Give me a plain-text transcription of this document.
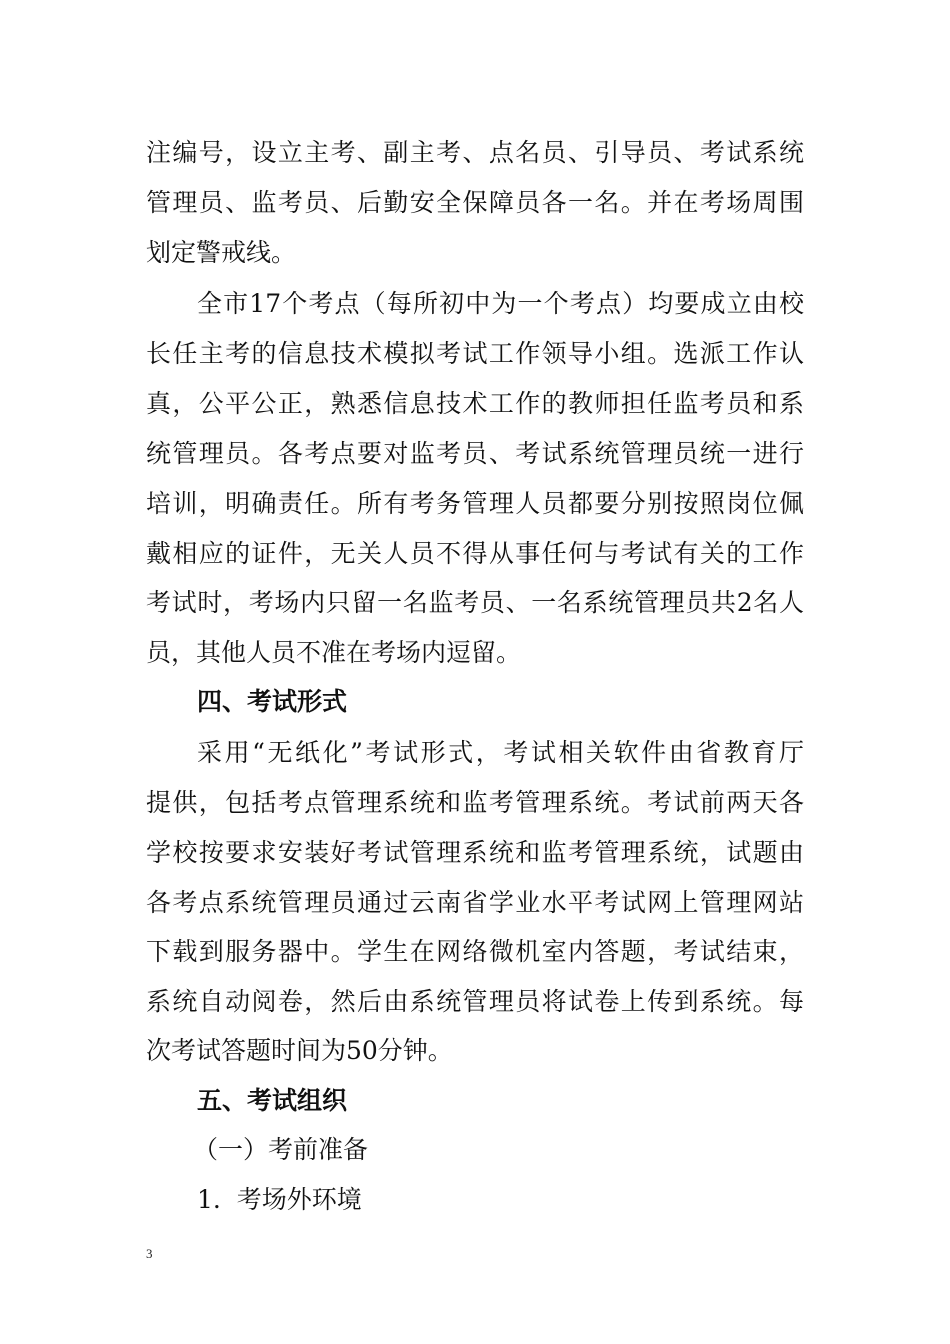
注编号，设立主考、副主考、点名员、引导员、考试系统
管理员、监考员、后勤安全保障员各一名。并在考场周围
划定警戒线。
全市17个考点（每所初中为一个考点）均要成立由校
长任主考的信息技术模拟考试工作领导小组。选派工作认
真，公平公正，熟悉信息技术工作的教师担任监考员和系
统管理员。各考点要对监考员、考试系统管理员统一进行
培训，明确责任。所有考务管理人员都要分别按照岗位佩
戴相应的证件，无关人员不得从事任何与考试有关的工作
考试时，考场内只留一名监考员、一名系统管理员共2名人
员，其他人员不准在考场内逗留。
四、考试形式
采用“无纸化”考试形式，考试相关软件由省教育厅
提供，包括考点管理系统和监考管理系统。考试前两天各
学校按要求安装好考试管理系统和监考管理系统，试题由
各考点系统管理员通过云南省学业水平考试网上管理网站
下载到服务器中。学生在网络微机室内答题，考试结束，
系统自动阅卷，然后由系统管理员将试卷上传到系统。每
次考试答题时间为50分钟。
五、考试组织
（一）考前准备
1.  考场外环境
3
